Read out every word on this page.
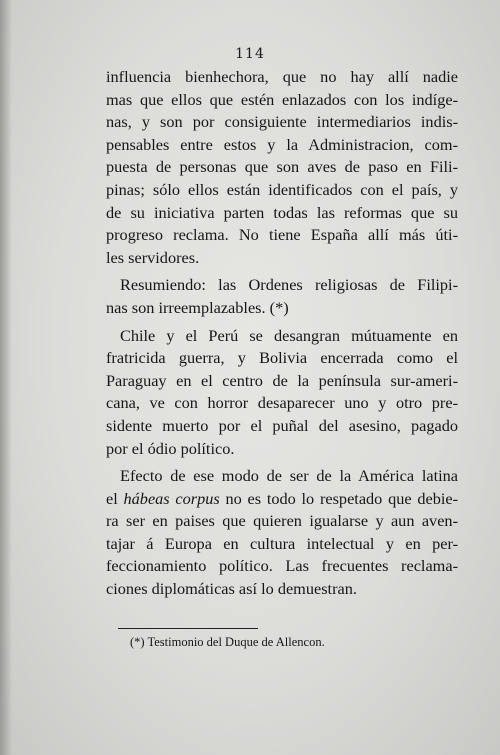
114
influencia bienhechora, que no hay allí nadie
mas que ellos que estén enlazados con los indíge-
nas, y son por consiguiente intermediarios indis-
pensables entre estos y la Administracion, com-
puesta de personas que son aves de paso en Fili-
pinas; sólo ellos están identificados con el país, y
de su iniciativa parten todas las reformas que su
progreso reclama. No tiene España allí más úti-
les servidores.
Resumiendo: las Ordenes religiosas de Filipi-
nas son irreemplazables. (*)
Chile y el Perú se desangran mútuamente en
fratricida guerra, y Bolivia encerrada como el
Paraguay en el centro de la península sur-ameri-
cana, ve con horror desaparecer uno y otro pre-
sidente muerto por el puñal del asesino, pagado
por el ódio político.
Efecto de ese modo de ser de la América latina
el hábeas corpus no es todo lo respetado que debie-
ra ser en paises que quieren igualarse y aun aven-
tajar á Europa en cultura intelectual y en per-
feccionamiento político. Las frecuentes reclama-
ciones diplomáticas así lo demuestran.
(*) Testimonio del Duque de Allencon.
